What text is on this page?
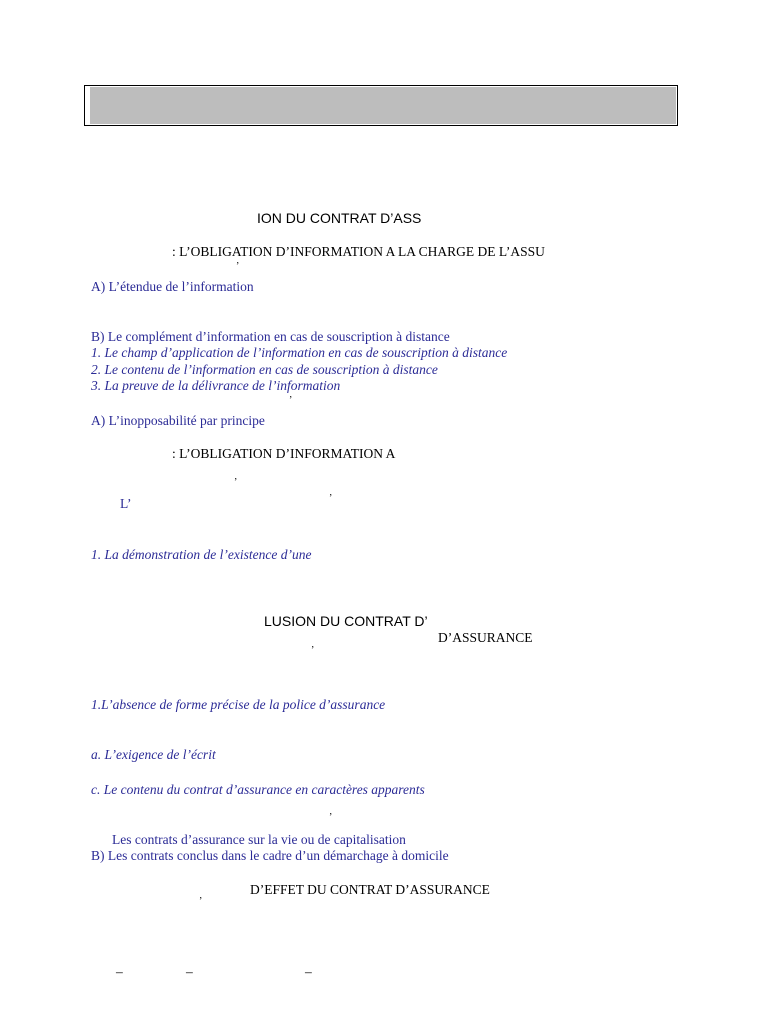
ION DU CONTRAT D’ASS
: L’OBLIGATION D’INFORMATION A LA CHARGE DE L’ASSU
’
A) L’étendue de l’information
B) Le complément d’information en cas de souscription à distance
1. Le champ d’application de l’information en cas de souscription à distance
2. Le contenu de l’information en cas de souscription à distance
3. La preuve de la délivrance de l’information
’
A) L’inopposabilité par principe
: L’OBLIGATION D’INFORMATION A
’
’
L’
1. La démonstration de l’existence d’une
LUSION DU CONTRAT D’
D’ASSURANCE
’
1.L’absence de forme précise de la police d’assurance
a. L’exigence de l’écrit
c. Le contenu du contrat d’assurance en caractères apparents
’
Les contrats d’assurance sur la vie ou de capitalisation
B) Les contrats conclus dans le cadre d’un démarchage à domicile
D’EFFET DU CONTRAT D’ASSURANCE
’
–	–	–
